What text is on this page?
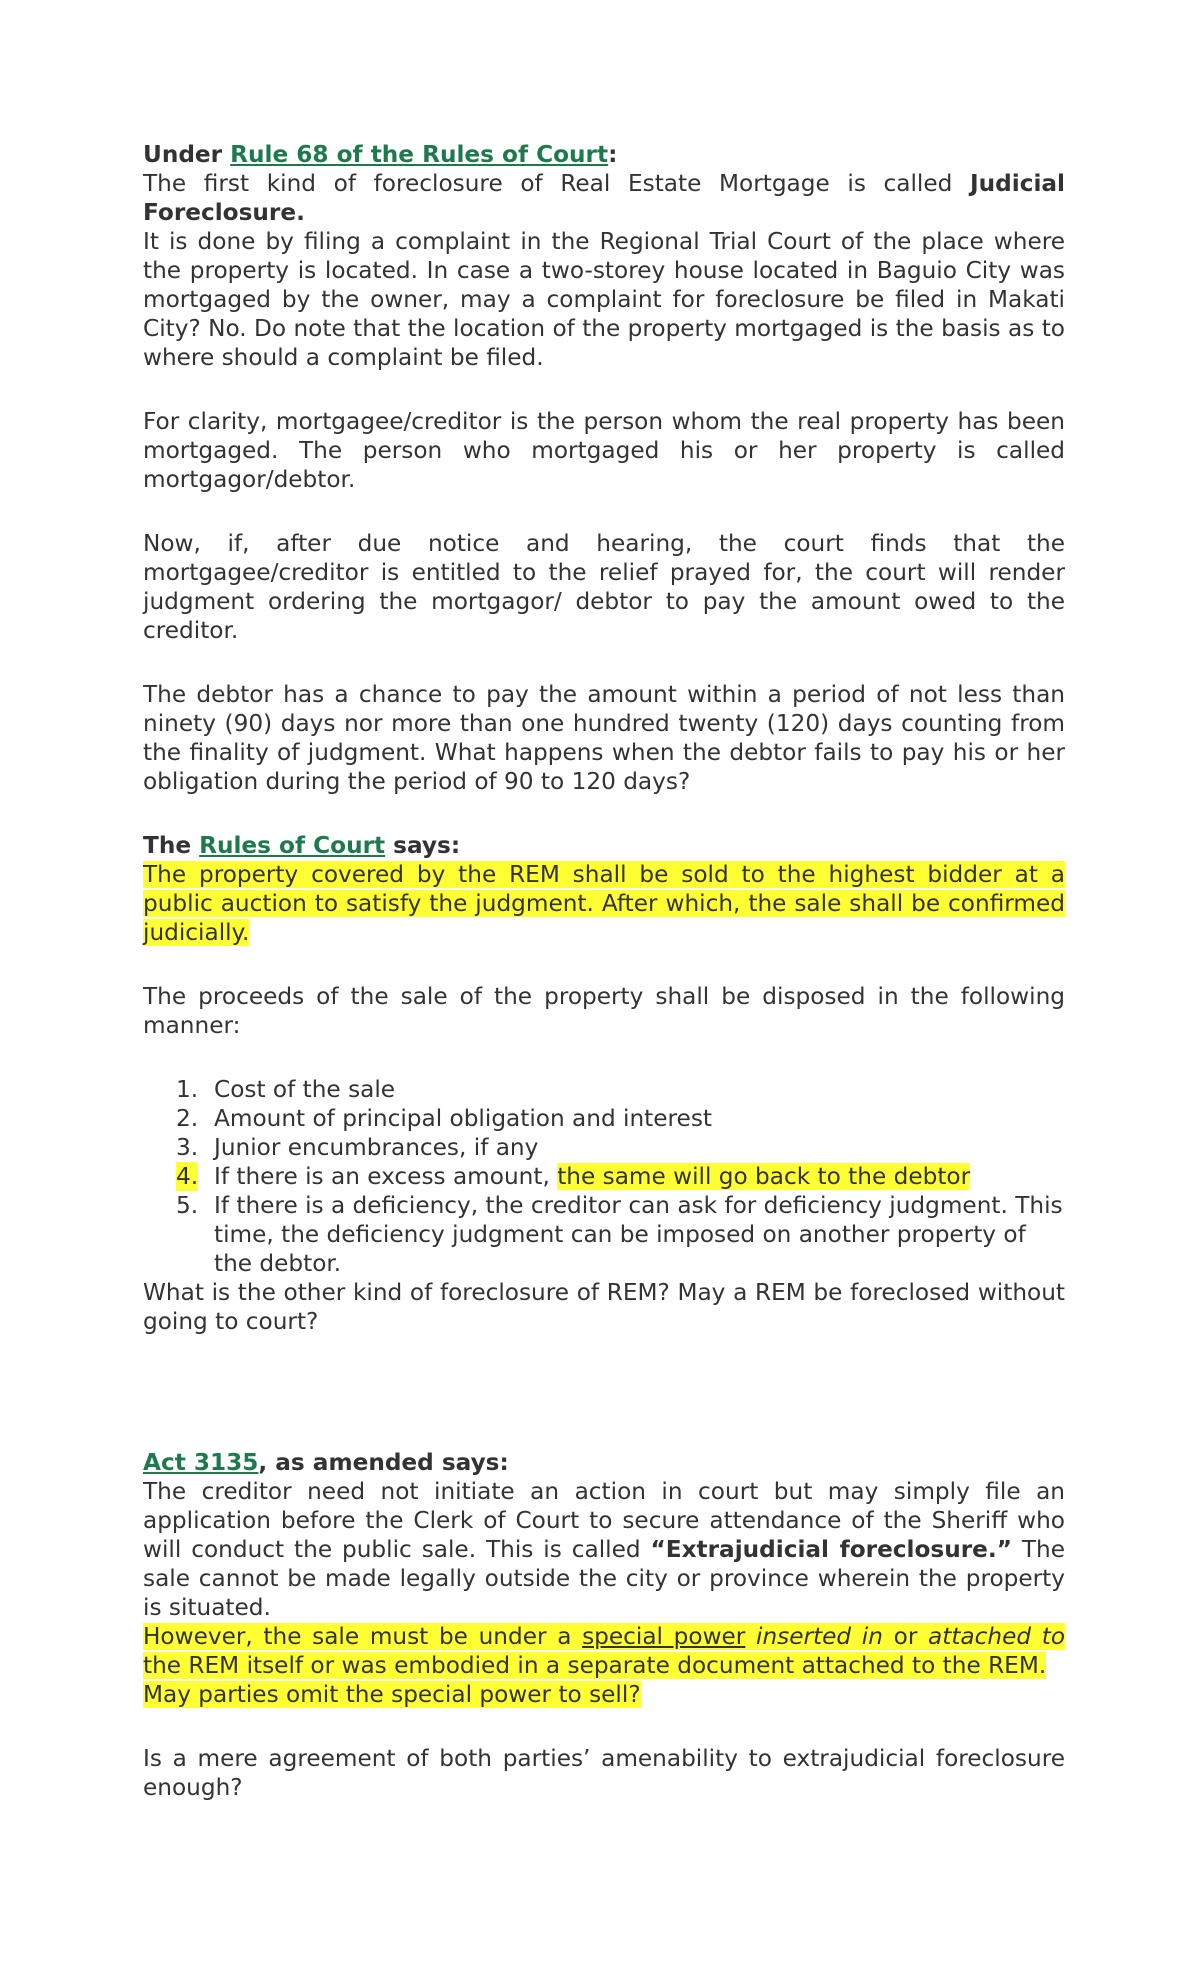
Under Rule 68 of the Rules of Court:

The first kind of foreclosure of Real Estate Mortgage is called Judicial Foreclosure.

It is done by filing a complaint in the Regional Trial Court of the place where the property is located. In case a two-storey house located in Baguio City was mortgaged by the owner, may a complaint for foreclosure be filed in Makati City? No. Do note that the location of the property mortgaged is the basis as to where should a complaint be filed.

For clarity, mortgagee/creditor is the person whom the real property has been mortgaged. The person who mortgaged his or her property is called mortgagor/debtor.

Now, if, after due notice and hearing, the court finds that the mortgagee/creditor is entitled to the relief prayed for, the court will render judgment ordering the mortgagor/ debtor to pay the amount owed to the creditor.

The debtor has a chance to pay the amount within a period of not less than ninety (90) days nor more than one hundred twenty (120) days counting from the finality of judgment. What happens when the debtor fails to pay his or her obligation during the period of 90 to 120 days?

The Rules of Court says:

The property covered by the REM shall be sold to the highest bidder at a public auction to satisfy the judgment. After which, the sale shall be confirmed judicially.

The proceeds of the sale of the property shall be disposed in the following manner:

1. Cost of the sale
2. Amount of principal obligation and interest
3. Junior encumbrances, if any
4. If there is an excess amount, the same will go back to the debtor
5. If there is a deficiency, the creditor can ask for deficiency judgment. This time, the deficiency judgment can be imposed on another property of the debtor.

What is the other kind of foreclosure of REM? May a REM be foreclosed without going to court?

Act 3135, as amended says:

The creditor need not initiate an action in court but may simply file an application before the Clerk of Court to secure attendance of the Sheriff who will conduct the public sale. This is called “Extrajudicial foreclosure.” The sale cannot be made legally outside the city or province wherein the property is situated.

However, the sale must be under a special power inserted in or attached to the REM itself or was embodied in a separate document attached to the REM.

May parties omit the special power to sell?

Is a mere agreement of both parties’ amenability to extrajudicial foreclosure enough?
